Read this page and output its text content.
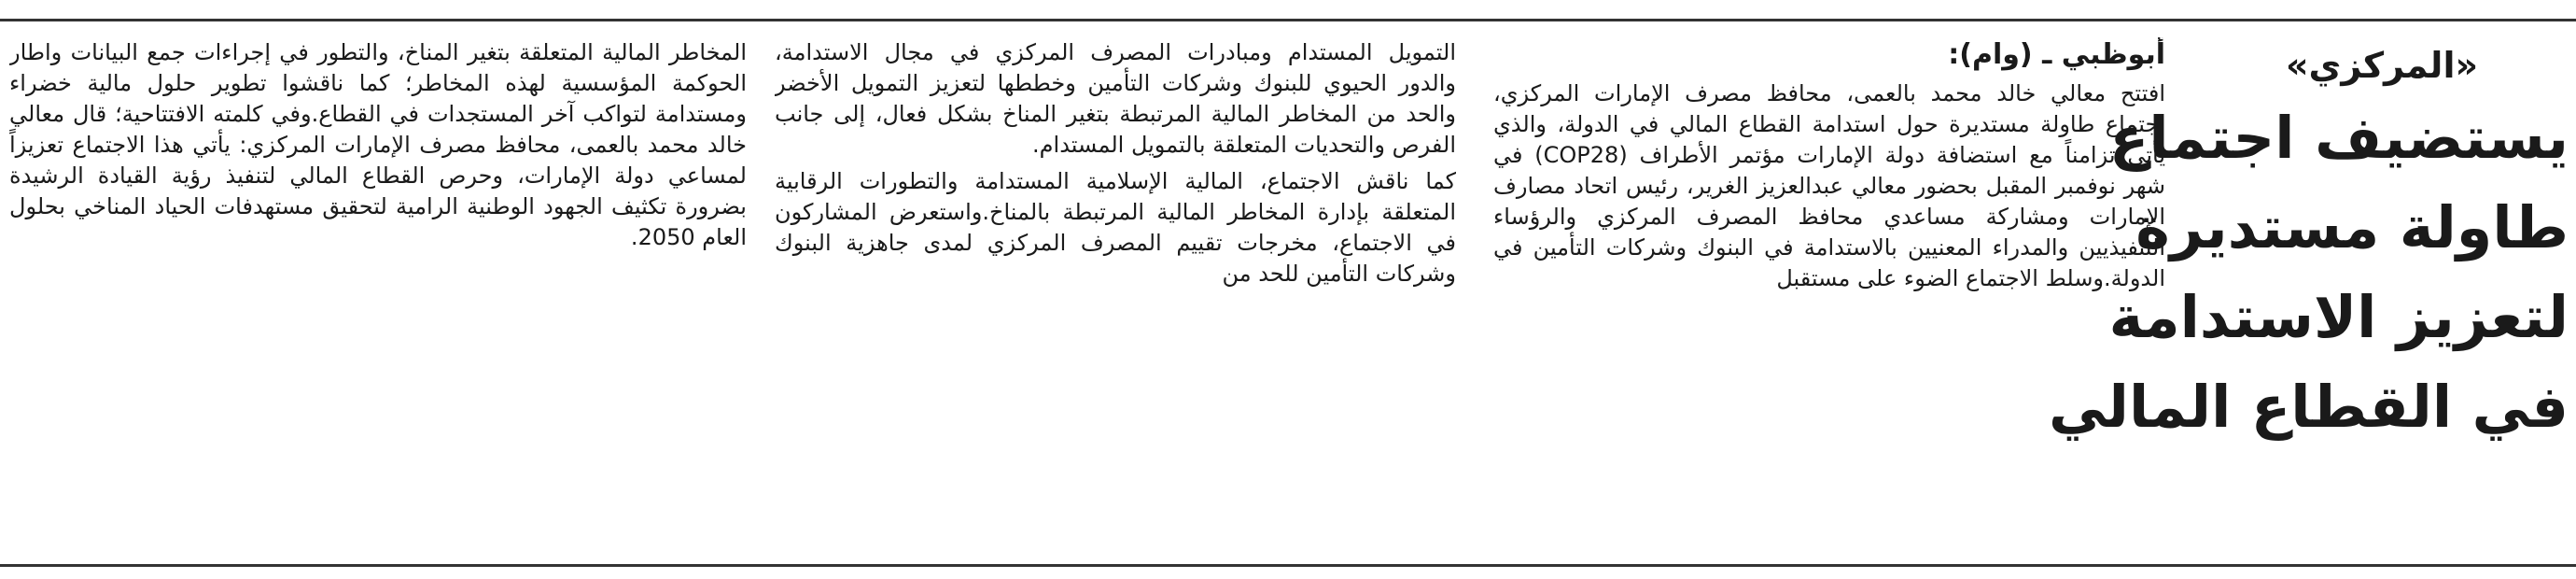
«المركزي»

يستضيف اجتماع

طاولة مستديرة

لتعزيز الاستدامة

في القطاع المالي

أبوظبي ـ (وام):

افتتح معالي خالد محمد بالعمى، محافظ مصرف الإمارات المركزي، اجتماع طاولة مستديرة حول استدامة القطاع المالي في الدولة، والذي يأتي تزامناً مع استضافة دولة الإمارات مؤتمر الأطراف (COP28) في شهر نوفمبر المقبل بحضور معالي عبدالعزيز الغرير، رئيس اتحاد مصارف الإمارات ومشاركة مساعدي محافظ المصرف المركزي والرؤساء التنفيذيين والمدراء المعنيين بالاستدامة في البنوك وشركات التأمين في الدولة.وسلط الاجتماع الضوء على مستقبل

التمويل المستدام ومبادرات المصرف المركزي في مجال الاستدامة، والدور الحيوي للبنوك وشركات التأمين وخططها لتعزيز التمويل الأخضر والحد من المخاطر المالية المرتبطة بتغير المناخ بشكل فعال، إلى جانب الفرص والتحديات المتعلقة بالتمويل المستدام.

كما ناقش الاجتماع، المالية الإسلامية المستدامة والتطورات الرقابية المتعلقة بإدارة المخاطر المالية المرتبطة بالمناخ.واستعرض المشاركون في الاجتماع، مخرجات تقييم المصرف المركزي لمدى جاهزية البنوك وشركات التأمين للحد من

المخاطر المالية المتعلقة بتغير المناخ، والتطور في إجراءات جمع البيانات واطار الحوكمة المؤسسية لهذه المخاطر؛ كما ناقشوا تطوير حلول مالية خضراء ومستدامة لتواكب آخر المستجدات في القطاع.وفي كلمته الافتتاحية؛ قال معالي خالد محمد بالعمى، محافظ مصرف الإمارات المركزي: يأتي هذا الاجتماع تعزيزاً لمساعي دولة الإمارات، وحرص القطاع المالي لتنفيذ رؤية القيادة الرشيدة بضرورة تكثيف الجهود الوطنية الرامية لتحقيق مستهدفات الحياد المناخي بحلول العام 2050.
